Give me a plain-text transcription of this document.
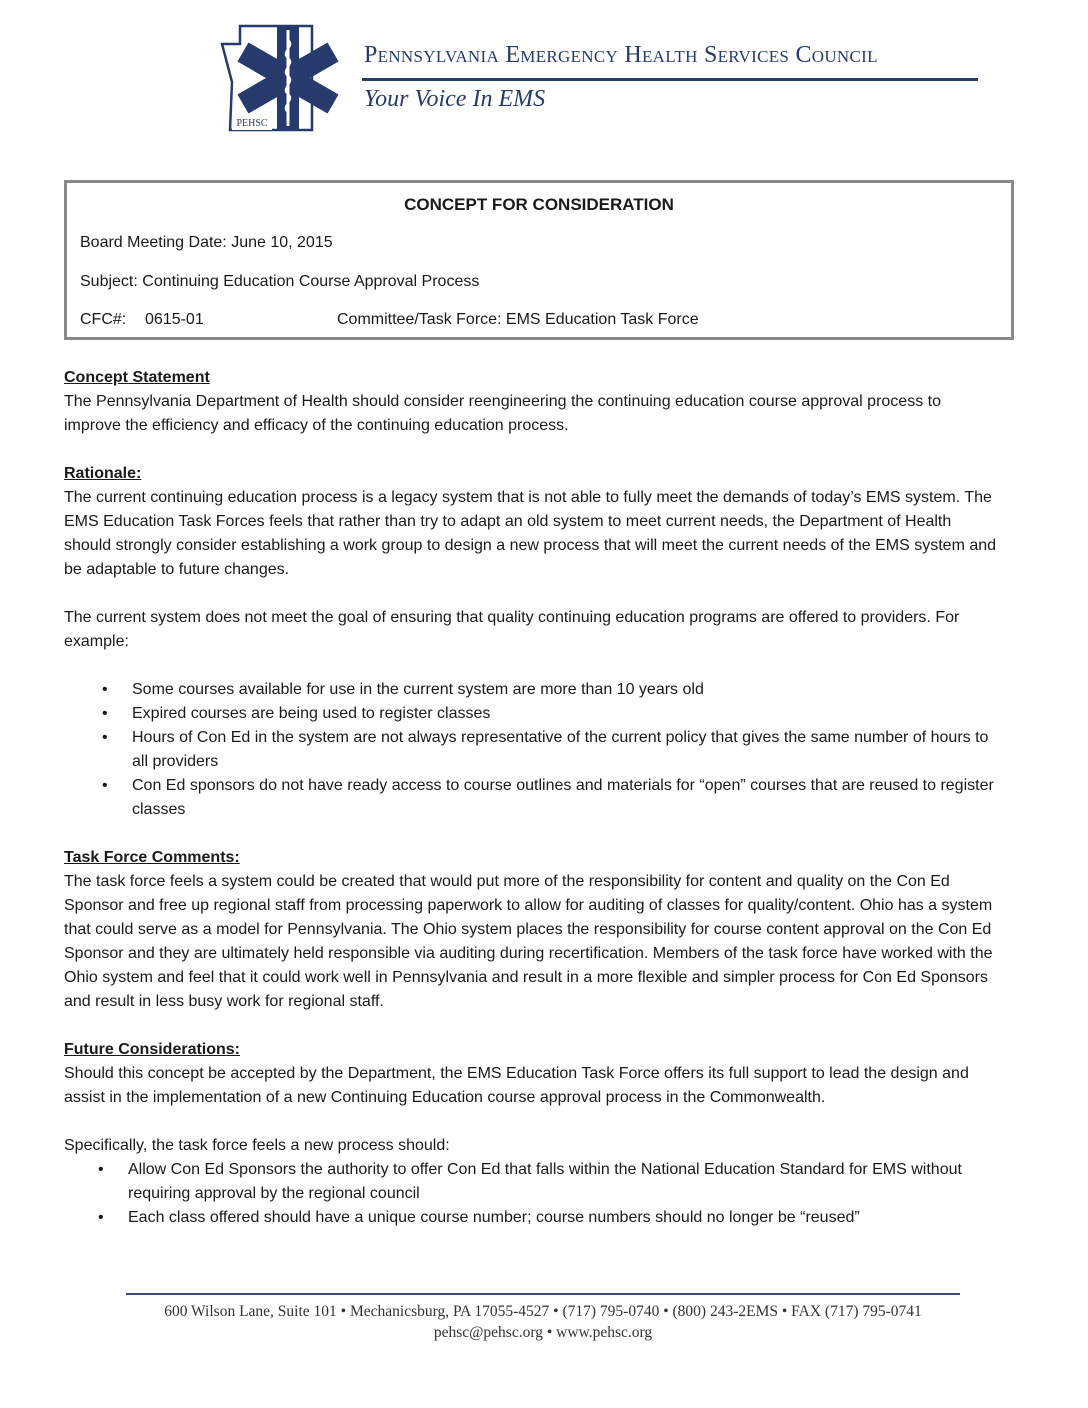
PEHSC
Pennsylvania Emergency Health Services Council
Your Voice In EMS
CONCEPT FOR CONSIDERATION
Board Meeting Date: June 10, 2015
Subject: Continuing Education Course Approval Process
CFC#: 0615-01	Committee/Task Force: EMS Education Task Force

Concept Statement

The Pennsylvania Department of Health should consider reengineering the continuing education course approval process to improve the efficiency and efficacy of the continuing education process.

Rationale:

The current continuing education process is a legacy system that is not able to fully meet the demands of today’s EMS system. The EMS Education Task Forces feels that rather than try to adapt an old system to meet current needs, the Department of Health should strongly consider establishing a work group to design a new process that will meet the current needs of the EMS system and be adaptable to future changes.

The current system does not meet the goal of ensuring that quality continuing education programs are offered to providers. For example:

• Some courses available for use in the current system are more than 10 years old
• Expired courses are being used to register classes
• Hours of Con Ed in the system are not always representative of the current policy that gives the same number of hours to all providers
• Con Ed sponsors do not have ready access to course outlines and materials for “open” courses that are reused to register classes

Task Force Comments:

The task force feels a system could be created that would put more of the responsibility for content and quality on the Con Ed Sponsor and free up regional staff from processing paperwork to allow for auditing of classes for quality/content. Ohio has a system that could serve as a model for Pennsylvania. The Ohio system places the responsibility for course content approval on the Con Ed Sponsor and they are ultimately held responsible via auditing during recertification. Members of the task force have worked with the Ohio system and feel that it could work well in Pennsylvania and result in a more flexible and simpler process for Con Ed Sponsors and result in less busy work for regional staff.

Future Considerations:

Should this concept be accepted by the Department, the EMS Education Task Force offers its full support to lead the design and assist in the implementation of a new Continuing Education course approval process in the Commonwealth.

Specifically, the task force feels a new process should:

• Allow Con Ed Sponsors the authority to offer Con Ed that falls within the National Education Standard for EMS without requiring approval by the regional council
• Each class offered should have a unique course number; course numbers should no longer be “reused”
600 Wilson Lane, Suite 101 • Mechanicsburg, PA 17055-4527 • (717) 795-0740 • (800) 243-2EMS • FAX (717) 795-0741
pehsc@pehsc.org • www.pehsc.org
